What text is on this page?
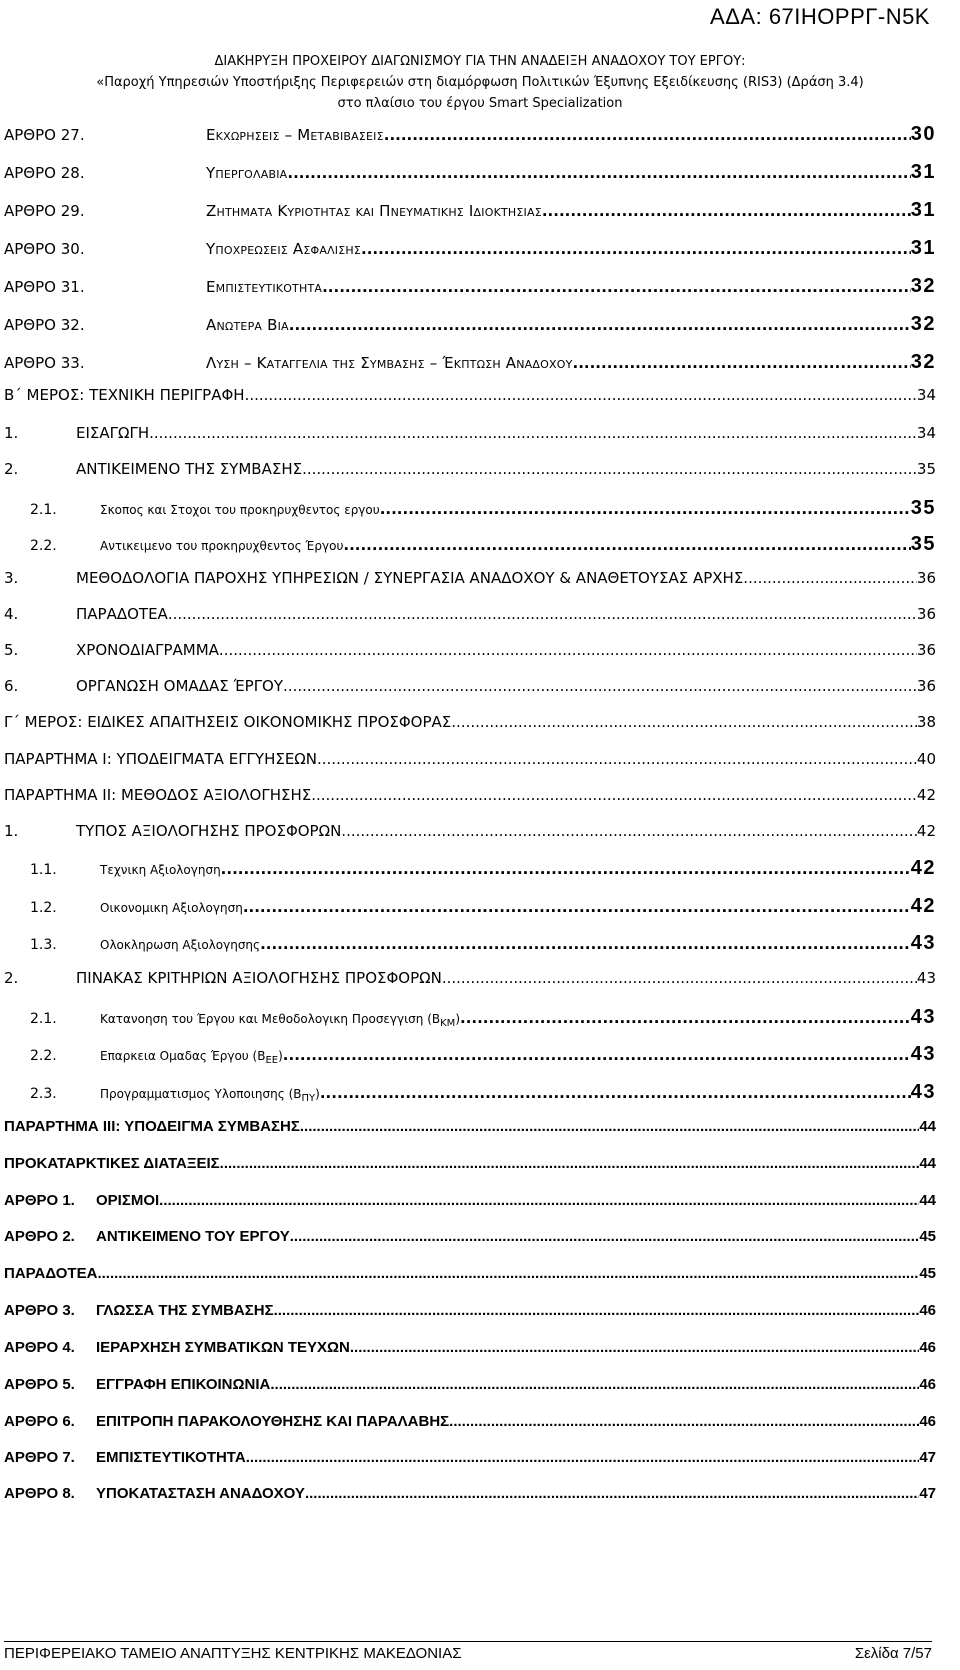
ΑΔΑ: 67ΙΗΟΡΡΓ-Ν5Κ
ΔΙΑΚΗΡΥΞΗ ΠΡΟΧΕΙΡΟΥ ΔΙΑΓΩΝΙΣΜΟΥ ΓΙΑ ΤΗΝ ΑΝΑΔΕΙΞΗ ΑΝΑΔΟΧΟΥ ΤΟΥ ΕΡΓΟΥ:
«Παροχή Υπηρεσιών Υποστήριξης Περιφερειών στη διαμόρφωση Πολιτικών Έξυπνης Εξειδίκευσης (RIS3) (Δράση 3.4)
στο πλαίσιο του έργου Smart Specialization
ΑΡΘΡΟ 27.	Εκχωρησεις – Μεταβιβασεις .....	30
ΑΡΘΡΟ 28.	Υπεργολαβια .....	31
ΑΡΘΡΟ 29.	Ζητηματα Κυριοτητας και Πνευματικης Ιδιοκτησιας .....	31
ΑΡΘΡΟ 30.	Υποχρεωσεις Ασφαλισης .....	31
ΑΡΘΡΟ 31.	Εμπιστευτικοτητα .....	32
ΑΡΘΡΟ 32.	Ανωτερα Βια .....	32
ΑΡΘΡΟ 33.	Λυση – Καταγγελια της Συμβασης – Έκπτωση Αναδοχου .....	32
Β΄ ΜΕΡΟΣ: ΤΕΧΝΙΚΗ ΠΕΡΙΓΡΑΦΗ .....	34
1.	ΕΙΣΑΓΩΓΗ .....	34
2.	ΑΝΤΙΚΕΙΜΕΝΟ ΤΗΣ ΣΥΜΒΑΣΗΣ .....	35
2.1.	Σκοπος και Στοχοι του προκηρυχθεντος εργου .....	35
2.2.	Αντικειμενο του προκηρυχθεντος Έργου .....	35
3.	ΜΕΘΟΔΟΛΟΓΙΑ ΠΑΡΟΧΗΣ ΥΠΗΡΕΣΙΩΝ / ΣΥΝΕΡΓΑΣΙΑ ΑΝΑΔΟΧΟΥ & ΑΝΑΘΕΤΟΥΣΑΣ ΑΡΧΗΣ .....	36
4.	ΠΑΡΑΔΟΤΕΑ .....	36
5.	ΧΡΟΝΟΔΙΑΓΡΑΜΜΑ .....	36
6.	ΟΡΓΑΝΩΣΗ ΟΜΑΔΑΣ ΈΡΓΟΥ .....	36
Γ΄ ΜΕΡΟΣ: ΕΙΔΙΚΕΣ ΑΠΑΙΤΗΣΕΙΣ ΟΙΚΟΝΟΜΙΚΗΣ ΠΡΟΣΦΟΡΑΣ .....	38
ΠΑΡΑΡΤΗΜΑ Ι: ΥΠΟΔΕΙΓΜΑΤΑ ΕΓΓΥΗΣΕΩΝ .....	40
ΠΑΡΑΡΤΗΜΑ ΙΙ: ΜΕΘΟΔΟΣ ΑΞΙΟΛΟΓΗΣΗΣ .....	42
1.	ΤΥΠΟΣ ΑΞΙΟΛΟΓΗΣΗΣ ΠΡΟΣΦΟΡΩΝ .....	42
1.1.	Τεχνικη Αξιολογηση .....	42
1.2.	Οικονομικη Αξιολογηση .....	42
1.3.	Ολοκληρωση Αξιολογησης .....	43
2.	ΠΙΝΑΚΑΣ ΚΡΙΤΗΡΙΩΝ ΑΞΙΟΛΟΓΗΣΗΣ ΠΡΟΣΦΟΡΩΝ .....	43
2.1.	Κατανοηση του Έργου και Μεθοδολογικη Προσεγγιση $(B_{KM})$ .....	43
2.2.	Επαρκεια Ομαδας Έργου $(B_{EE})$ .....	43
2.3.	Προγραμματισμος Υλοποιησης $(B_{\Pi\Upsilon})$ .....	43
ΠΑΡΑΡΤΗΜΑ ΙΙΙ: ΥΠΟΔΕΙΓΜΑ ΣΥΜΒΑΣΗΣ .....	44
ΠΡΟΚΑΤΑΡΚΤΙΚΕΣ ΔΙΑΤΑΞΕΙΣ .....	44
ΑΡΘΡΟ 1.	ΟΡΙΣΜΟΙ .....	44
ΑΡΘΡΟ 2.	ΑΝΤΙΚΕΙΜΕΝΟ ΤΟΥ ΕΡΓΟΥ .....	45
ΠΑΡΑΔΟΤΕΑ .....	45
ΑΡΘΡΟ 3.	ΓΛΩΣΣΑ ΤΗΣ ΣΥΜΒΑΣΗΣ .....	46
ΑΡΘΡΟ 4.	ΙΕΡΑΡΧΗΣΗ ΣΥΜΒΑΤΙΚΩΝ ΤΕΥΧΩΝ .....	46
ΑΡΘΡΟ 5.	ΕΓΓΡΑΦΗ ΕΠΙΚΟΙΝΩΝΙΑ .....	46
ΑΡΘΡΟ 6.	ΕΠΙΤΡΟΠΗ ΠΑΡΑΚΟΛΟΥΘΗΣΗΣ ΚΑΙ ΠΑΡΑΛΑΒΗΣ .....	46
ΑΡΘΡΟ 7.	ΕΜΠΙΣΤΕΥΤΙΚΟΤΗΤΑ .....	47
ΑΡΘΡΟ 8.	ΥΠΟΚΑΤΑΣΤΑΣΗ ΑΝΑΔΟΧΟΥ .....	47
ΠΕΡΙΦΕΡΕΙΑΚΟ ΤΑΜΕΙΟ ΑΝΑΠΤΥΞΗΣ ΚΕΝΤΡΙΚΗΣ ΜΑΚΕΔΟΝΙΑΣ	Σελίδα 7/57
